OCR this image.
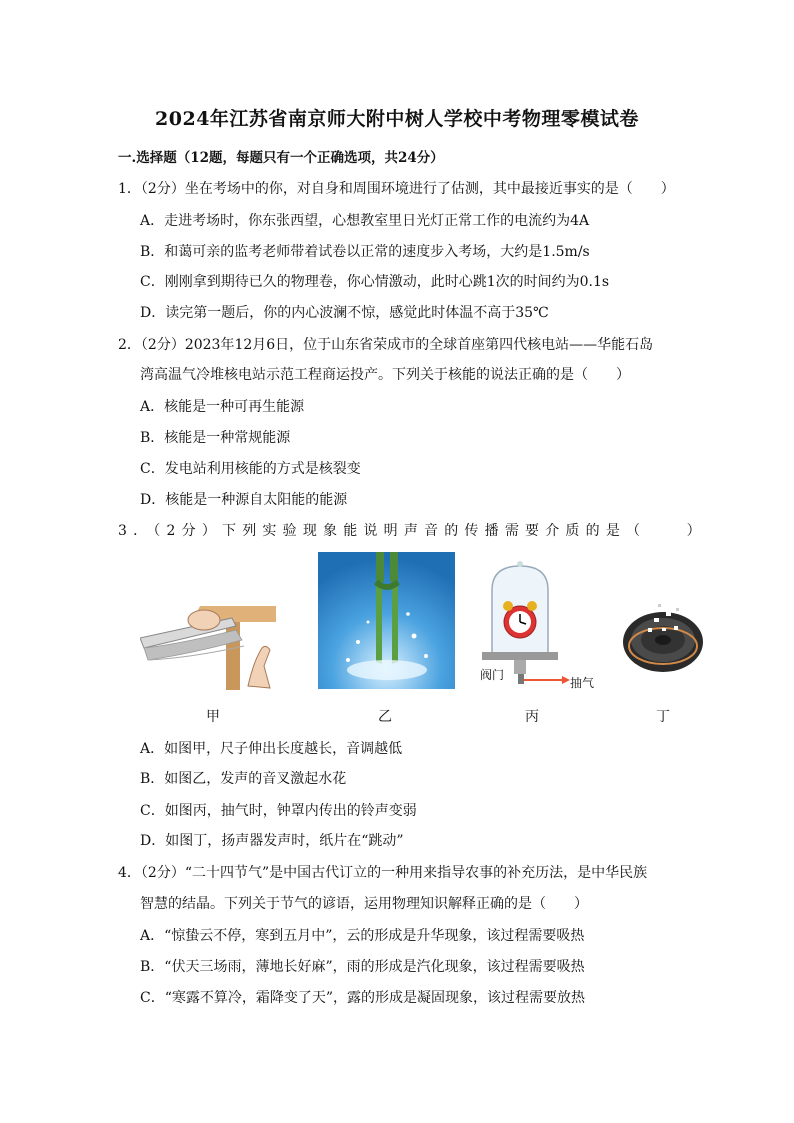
2024年江苏省南京师大附中树人学校中考物理零模试卷
一.选择题（12题，每题只有一个正确选项，共24分）
1．（2分）坐在考场中的你，对自身和周围环境进行了估测，其中最接近事实的是（　　）
A．走进考场时，你东张西望，心想教室里日光灯正常工作的电流约为4A
B．和蔼可亲的监考老师带着试卷以正常的速度步入考场，大约是1.5m/s
C．刚刚拿到期待已久的物理卷，你心情激动，此时心跳1次的时间约为0.1s
D．读完第一题后，你的内心波澜不惊，感觉此时体温不高于35℃
2．（2分）2023年12月6日，位于山东省荣成市的全球首座第四代核电站——华能石岛
湾高温气冷堆核电站示范工程商运投产。下列关于核能的说法正确的是（　　）
A．核能是一种可再生能源
B．核能是一种常规能源
C．发电站利用核能的方式是核裂变
D．核能是一种源自太阳能的能源
3．（2分）下列实验现象能说明声音的传播需要介质的是（　　）
阀门
抽气
甲	乙	丙	丁
A．如图甲，尺子伸出长度越长，音调越低
B．如图乙，发声的音叉激起水花
C．如图丙，抽气时，钟罩内传出的铃声变弱
D．如图丁，扬声器发声时，纸片在“跳动”
4．（2分）“二十四节气”是中国古代订立的一种用来指导农事的补充历法，是中华民族
智慧的结晶。下列关于节气的谚语，运用物理知识解释正确的是（　　）
A．“惊蛰云不停，寒到五月中”，云的形成是升华现象，该过程需要吸热
B．“伏天三场雨，薄地长好麻”，雨的形成是汽化现象，该过程需要吸热
C．“寒露不算冷，霜降变了天”，露的形成是凝固现象，该过程需要放热
